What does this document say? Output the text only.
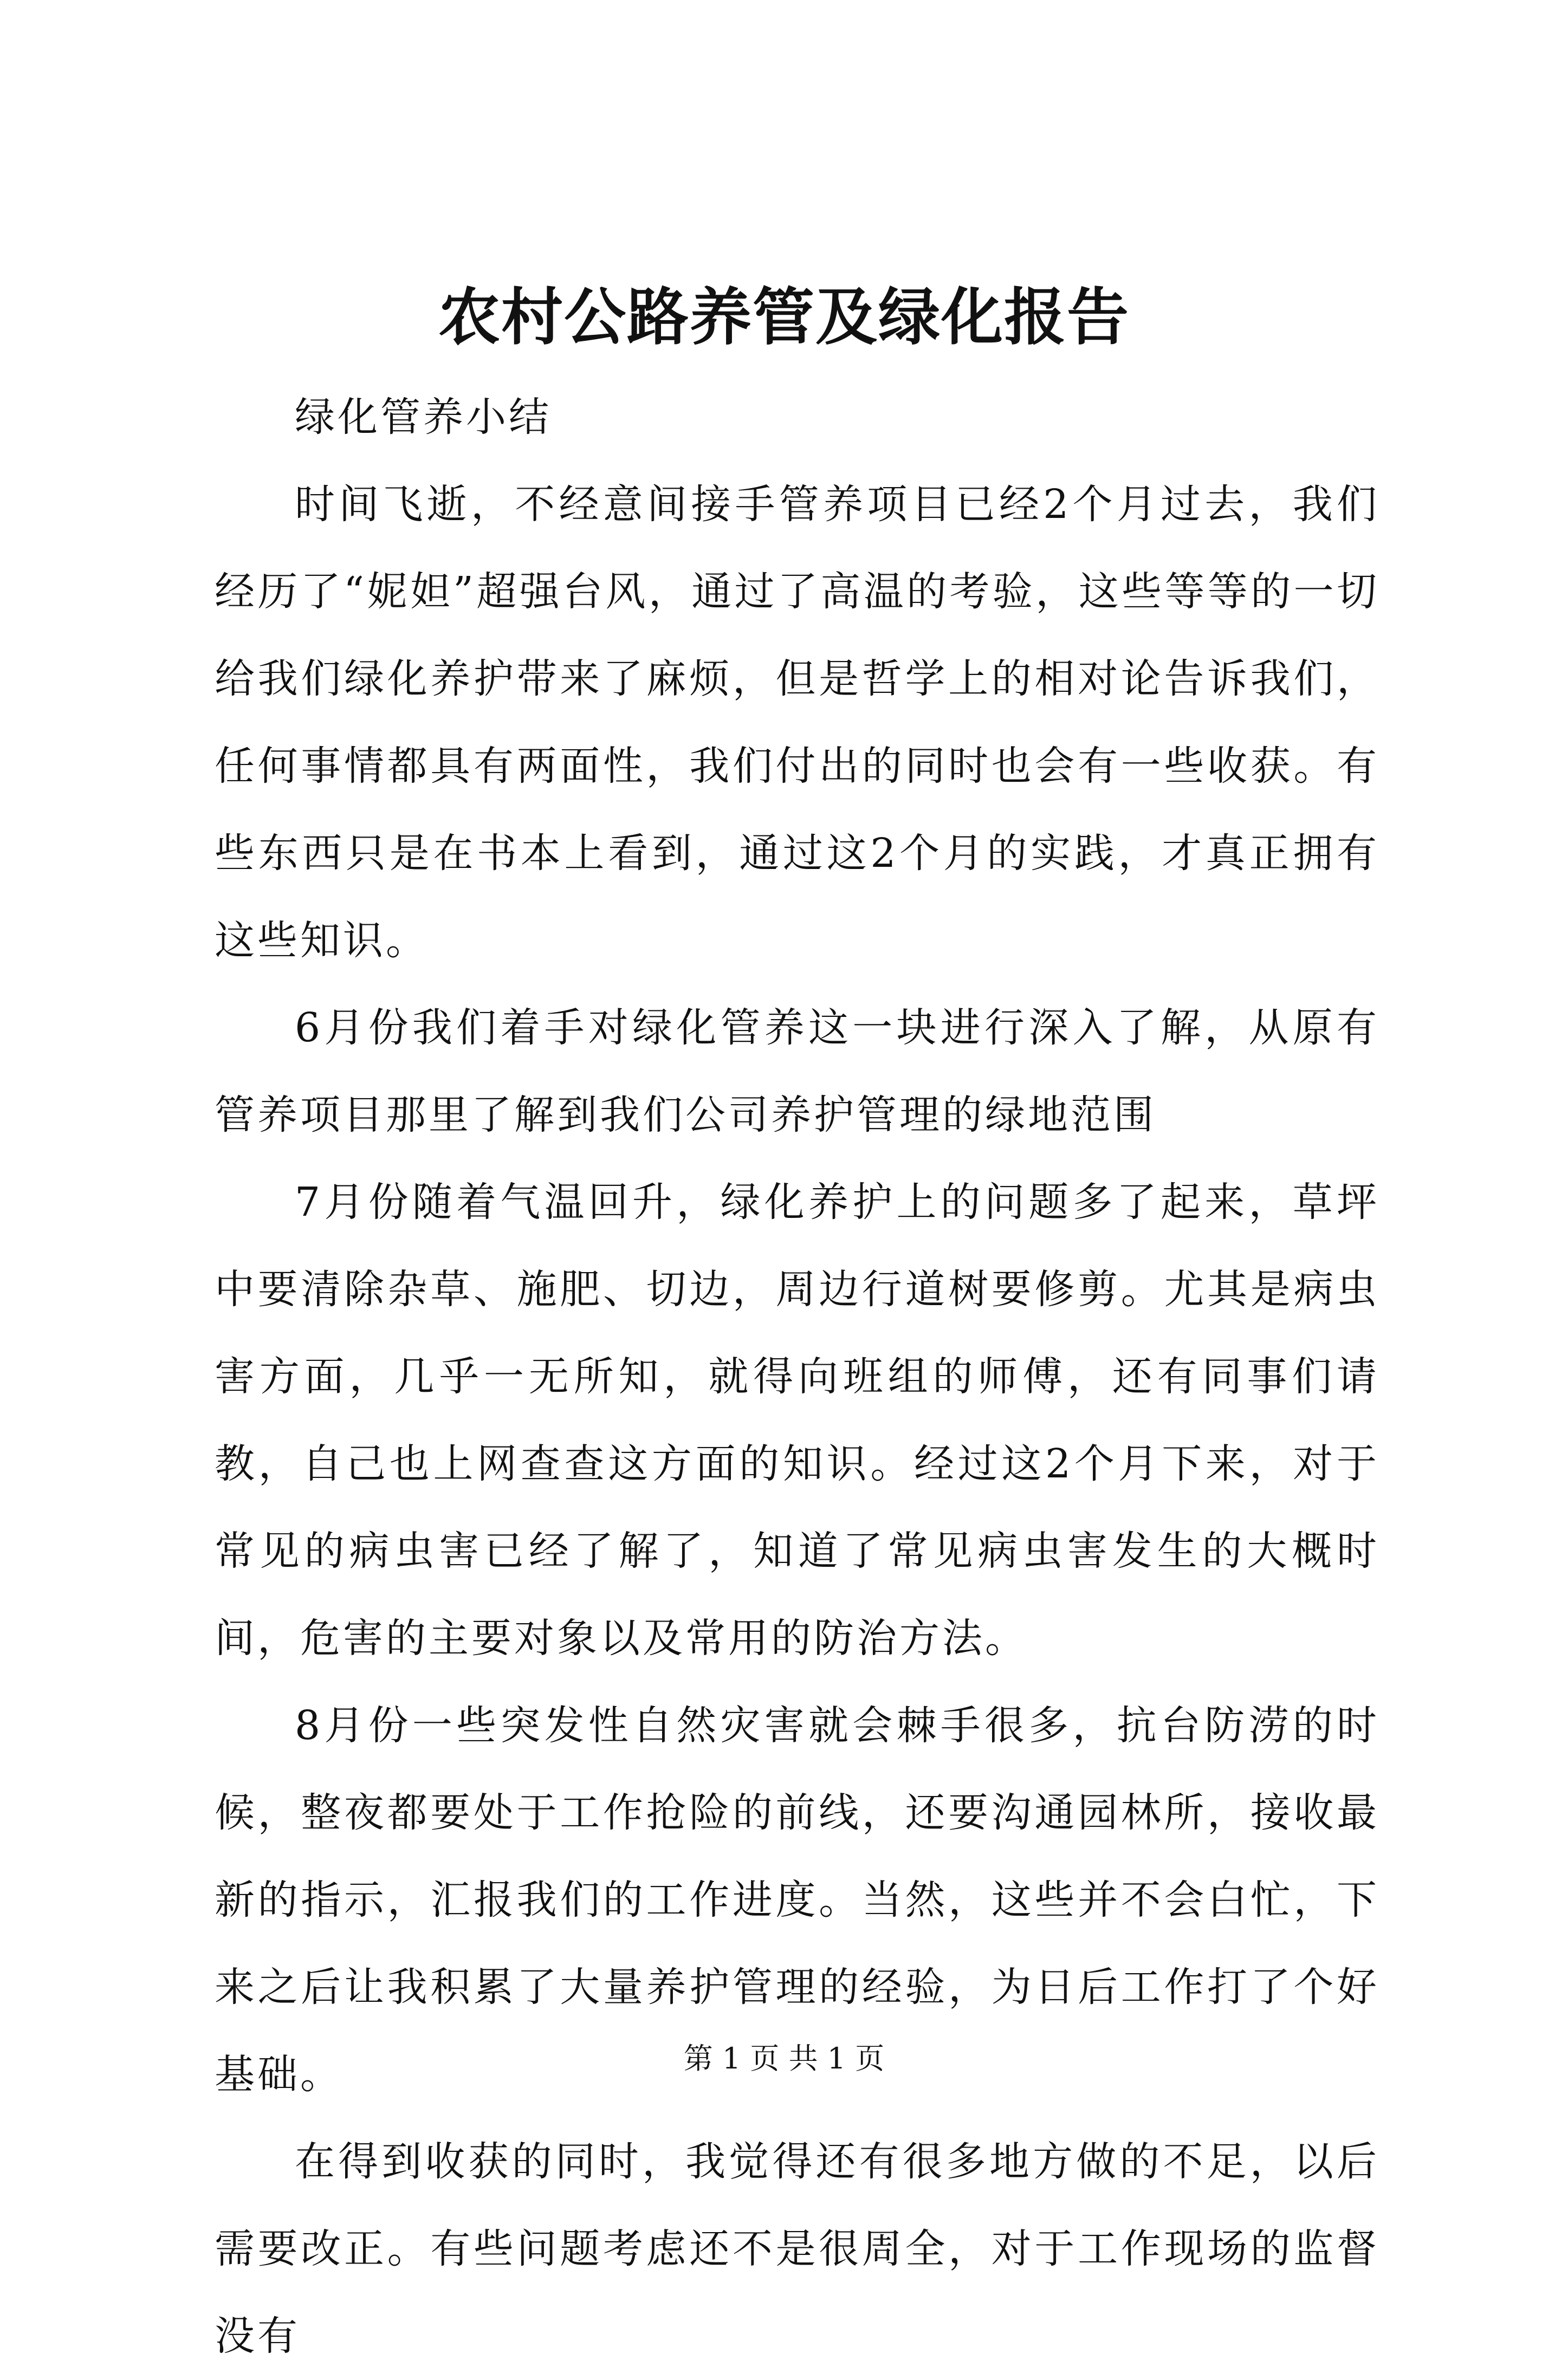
农村公路养管及绿化报告

绿化管养小结

时间飞逝，不经意间接手管养项目已经2个月过去，我们经历了“妮妲”超强台风，通过了高温的考验，这些等等的一切给我们绿化养护带来了麻烦，但是哲学上的相对论告诉我们，任何事情都具有两面性，我们付出的同时也会有一些收获。有些东西只是在书本上看到，通过这2个月的实践，才真正拥有这些知识。

6月份我们着手对绿化管养这一块进行深入了解，从原有管养项目那里了解到我们公司养护管理的绿地范围

7月份随着气温回升，绿化养护上的问题多了起来，草坪中要清除杂草、施肥、切边，周边行道树要修剪。尤其是病虫害方面，几乎一无所知，就得向班组的师傅，还有同事们请教，自己也上网查查这方面的知识。经过这2个月下来，对于常见的病虫害已经了解了，知道了常见病虫害发生的大概时间，危害的主要对象以及常用的防治方法。

8月份一些突发性自然灾害就会棘手很多，抗台防涝的时候，整夜都要处于工作抢险的前线，还要沟通园林所，接收最新的指示，汇报我们的工作进度。当然，这些并不会白忙，下来之后让我积累了大量养护管理的经验，为日后工作打了个好基础。

在得到收获的同时，我觉得还有很多地方做的不足，以后需要改正。有些问题考虑还不是很周全，对于工作现场的监督没有

第 1 页 共 1 页
